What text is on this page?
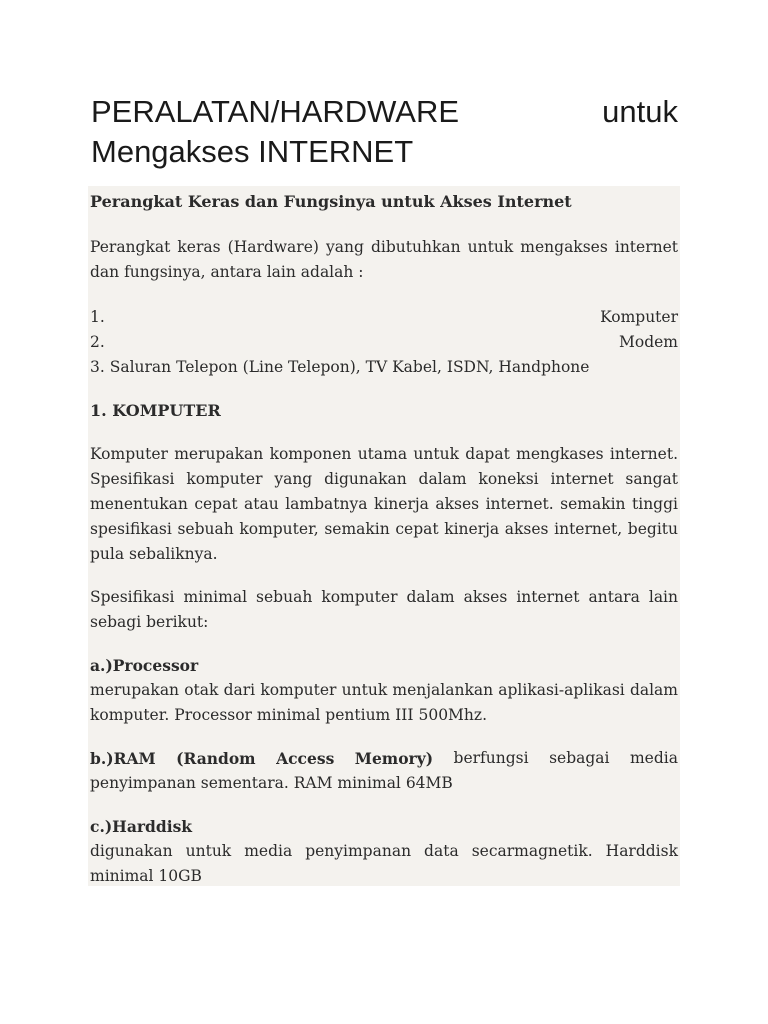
PERALATAN/HARDWARE	untuk
Mengakses INTERNET
Perangkat Keras dan Fungsinya untuk Akses Internet

Perangkat keras (Hardware) yang dibutuhkan untuk mengakses internet dan fungsinya, antara lain adalah :

1.	Komputer
2.	Modem
3. Saluran Telepon (Line Telepon), TV Kabel, ISDN, Handphone
1. KOMPUTER

Komputer merupakan komponen utama untuk dapat mengkases internet. Spesifikasi komputer yang digunakan dalam koneksi internet sangat menentukan cepat atau lambatnya kinerja akses internet. semakin tinggi spesifikasi sebuah komputer, semakin cepat kinerja akses internet, begitu pula sebaliknya.

Spesifikasi minimal sebuah komputer dalam akses internet antara lain sebagi berikut:

a.)Processor

merupakan otak dari komputer untuk menjalankan aplikasi-aplikasi dalam komputer. Processor minimal pentium III 500Mhz.

b.)RAM (Random Access Memory) berfungsi sebagai media
penyimpanan sementara. RAM minimal 64MB
c.)Harddisk

digunakan untuk media penyimpanan data secarmagnetik. Harddisk minimal 10GB
